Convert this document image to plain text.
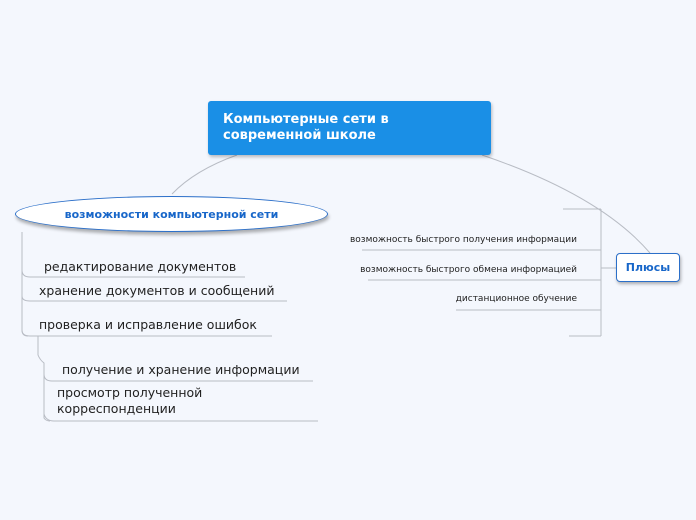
Компьютерные сети в
современной школе
возможности компьютерной сети
редактирование документов
хранение документов и сообщений
проверка и исправление ошибок
получение и хранение информации
просмотр полученной
корреспонденции
Плюсы
возможность быстрого получения информации
возможность быстрого обмена информацией
дистанционное обучение
